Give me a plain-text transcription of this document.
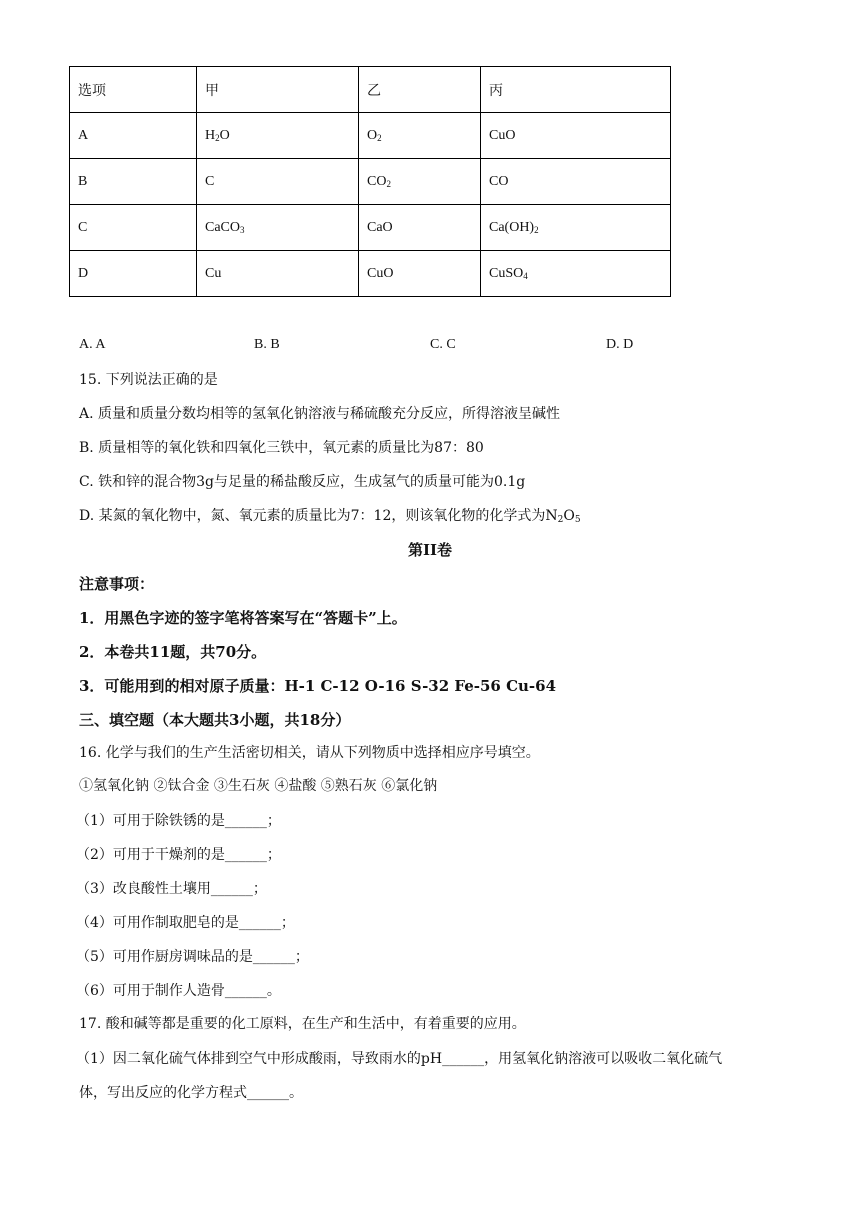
选项	甲	乙	丙
A	$H_2O$	$O_2$	CuO
B	C	$CO_2$	CO
C	CaCO$_3$	CaO	$Ca(OH)_2$
D	Cu	CuO	CuSO$_4$
A. A	B. B	C. C	D. D
15. 下列说法正确的是
A. 质量和质量分数均相等的氢氧化钠溶液与稀硫酸充分反应，所得溶液呈碱性
B. 质量相等的氧化铁和四氧化三铁中，氧元素的质量比为87：80
C. 铁和锌的混合物3g与足量的稀盐酸反应，生成氢气的质量可能为0.1g
D. 某氮的氧化物中，氮、氧元素的质量比为7：12，则该氧化物的化学式为$N_2O_5$
第II卷
注意事项：
1．用黑色字迹的签字笔将答案写在“答题卡”上。
2．本卷共11题，共70分。
3．可能用到的相对原子质量：H-1 C-12 O-16 S-32 Fe-56 Cu-64
三、填空题（本大题共3小题，共18分）
16. 化学与我们的生产生活密切相关，请从下列物质中选择相应序号填空。
①氢氧化钠 ②钛合金 ③生石灰 ④盐酸 ⑤熟石灰 ⑥氯化钠
（1）可用于除铁锈的是______；
（2）可用于干燥剂的是______；
（3）改良酸性土壤用______；
（4）可用作制取肥皂的是______；
（5）可用作厨房调味品的是______；
（6）可用于制作人造骨______。
17. 酸和碱等都是重要的化工原料，在生产和生活中，有着重要的应用。
（1）因二氧化硫气体排到空气中形成酸雨，导致雨水的pH______，用氢氧化钠溶液可以吸收二氧化硫气
体，写出反应的化学方程式______。
